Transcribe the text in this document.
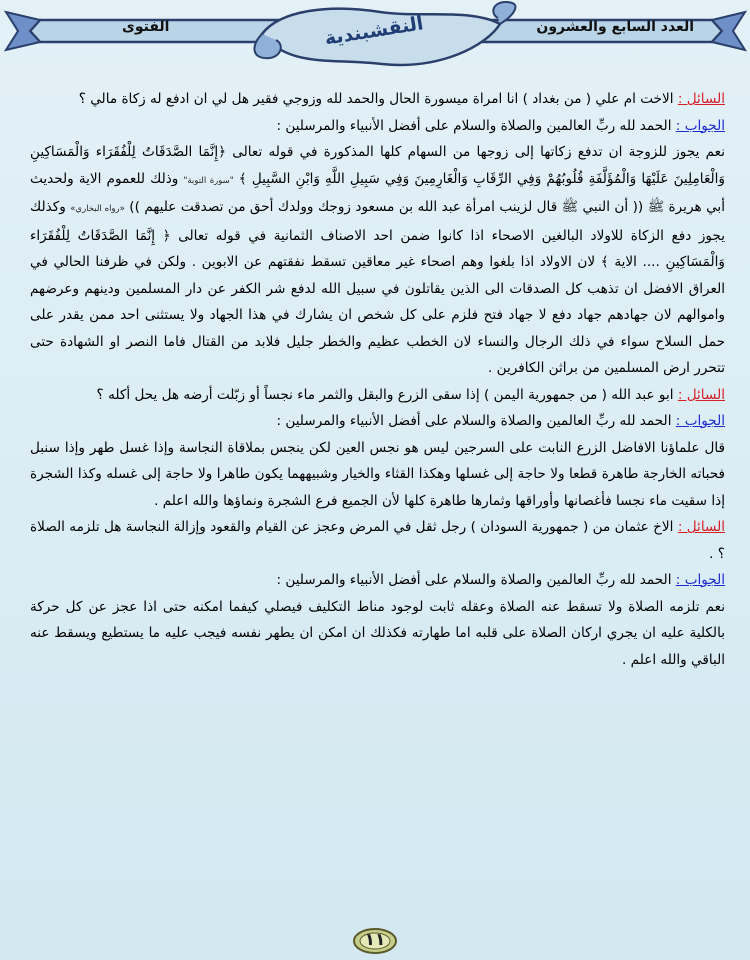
العدد السابع والعشرون
الفتوى	النقشبندية

السائل : الاخت ام علي ( من بغداد ) انا امراة ميسورة الحال والحمد لله وزوجي فقير هل لي ان ادفع له زكاة مالي ؟

الجواب : الحمد لله ربِّ العالمين والصلاة والسلام على أفضل الأنبياء والمرسلين :

نعم يجوز للزوجة ان تدفع زكاتها إلى زوجها من السهام كلها المذكورة في قوله تعالى ﴿إِنَّمَا الصَّدَقَاتُ لِلْفُقَرَاء وَالْمَسَاكِينِ وَالْعَامِلِينَ عَلَيْهَا وَالْمُؤَلَّفَةِ قُلُوبُهُمْ وَفِي الرِّقَابِ وَالْغَارِمِينَ وَفِي سَبِيلِ اللَّهِ وَابْنِ السَّبِيلِ ﴾ "سورة التوبة" وذلك للعموم الاية ولحديث أبي هريرة ﷺ (( أن النبي ﷺ قال لزينب امرأة عبد الله بن مسعود زوجك وولدك أحق من تصدقت عليهم )) «رواه البخاري» وكذلك يجوز دفع الزكاة للاولاد البالغين الاصحاء اذا كانوا ضمن احد الاصناف الثمانية في قوله تعالى ﴿ إِنَّمَا الصَّدَقَاتُ لِلْفُقَرَاء وَالْمَسَاكِينِ .... الاية ﴾ لان الاولاد اذا بلغوا وهم اصحاء غير معاقين تسقط نفقتهم عن الابوين . ولكن في ظرفنا الحالي في العراق الافضل ان تذهب كل الصدقات الى الذين يقاتلون في سبيل الله لدفع شر الكفر عن دار المسلمين ودينهم وعرضهم واموالهم لان جهادهم جهاد دفع لا جهاد فتح فلزم على كل شخص ان يشارك في هذا الجهاد ولا يستثنى احد ممن يقدر على حمل السلاح سواء في ذلك الرجال والنساء لان الخطب عظيم والخطر جليل فلابد من القتال فاما النصر او الشهادة حتى تتحرر ارض المسلمين من براثن الكافرين .

السائل : ابو عبد الله ( من جمهورية اليمن ) إذا سقى الزرع والبقل والثمر ماء نجساً أو زبّلت أرضه هل يحل أكله ؟

الجواب : الحمد لله ربِّ العالمين والصلاة والسلام على أفضل الأنبياء والمرسلين :

قال علماؤنا الافاضل الزرع النابت على السرجين ليس هو نجس العين لكن ينجس بملاقاة النجاسة وإذا غسل طهر وإذا سنبل فحباته الخارجة طاهرة قطعا ولا حاجة إلى غسلها وهكذا القثاء والخيار وشبيههما يكون طاهرا ولا حاجة إلى غسله وكذا الشجرة إذا سقيت ماء نجسا فأغصانها وأوراقها وثمارها طاهرة كلها لأن الجميع فرع الشجرة ونماؤها والله اعلم .

السائل : الاخ عثمان من ( جمهورية السودان ) رجل ثقل في المرض وعجز عن القيام والقعود وإزالة النجاسة هل تلزمه الصلاة ؟ .

الجواب : الحمد لله ربِّ العالمين والصلاة والسلام على أفضل الأنبياء والمرسلين :

نعم تلزمه الصلاة ولا تسقط عنه الصلاة وعقله ثابت لوجود مناط التكليف فيصلي كيفما امكنه حتى اذا عجز عن كل حركة بالكلية عليه ان يجري اركان الصلاة على قلبه اما طهارته فكذلك ان امكن ان يطهر نفسه فيجب عليه ما يستطيع ويسقط عنه الباقي والله اعلم .

١١
